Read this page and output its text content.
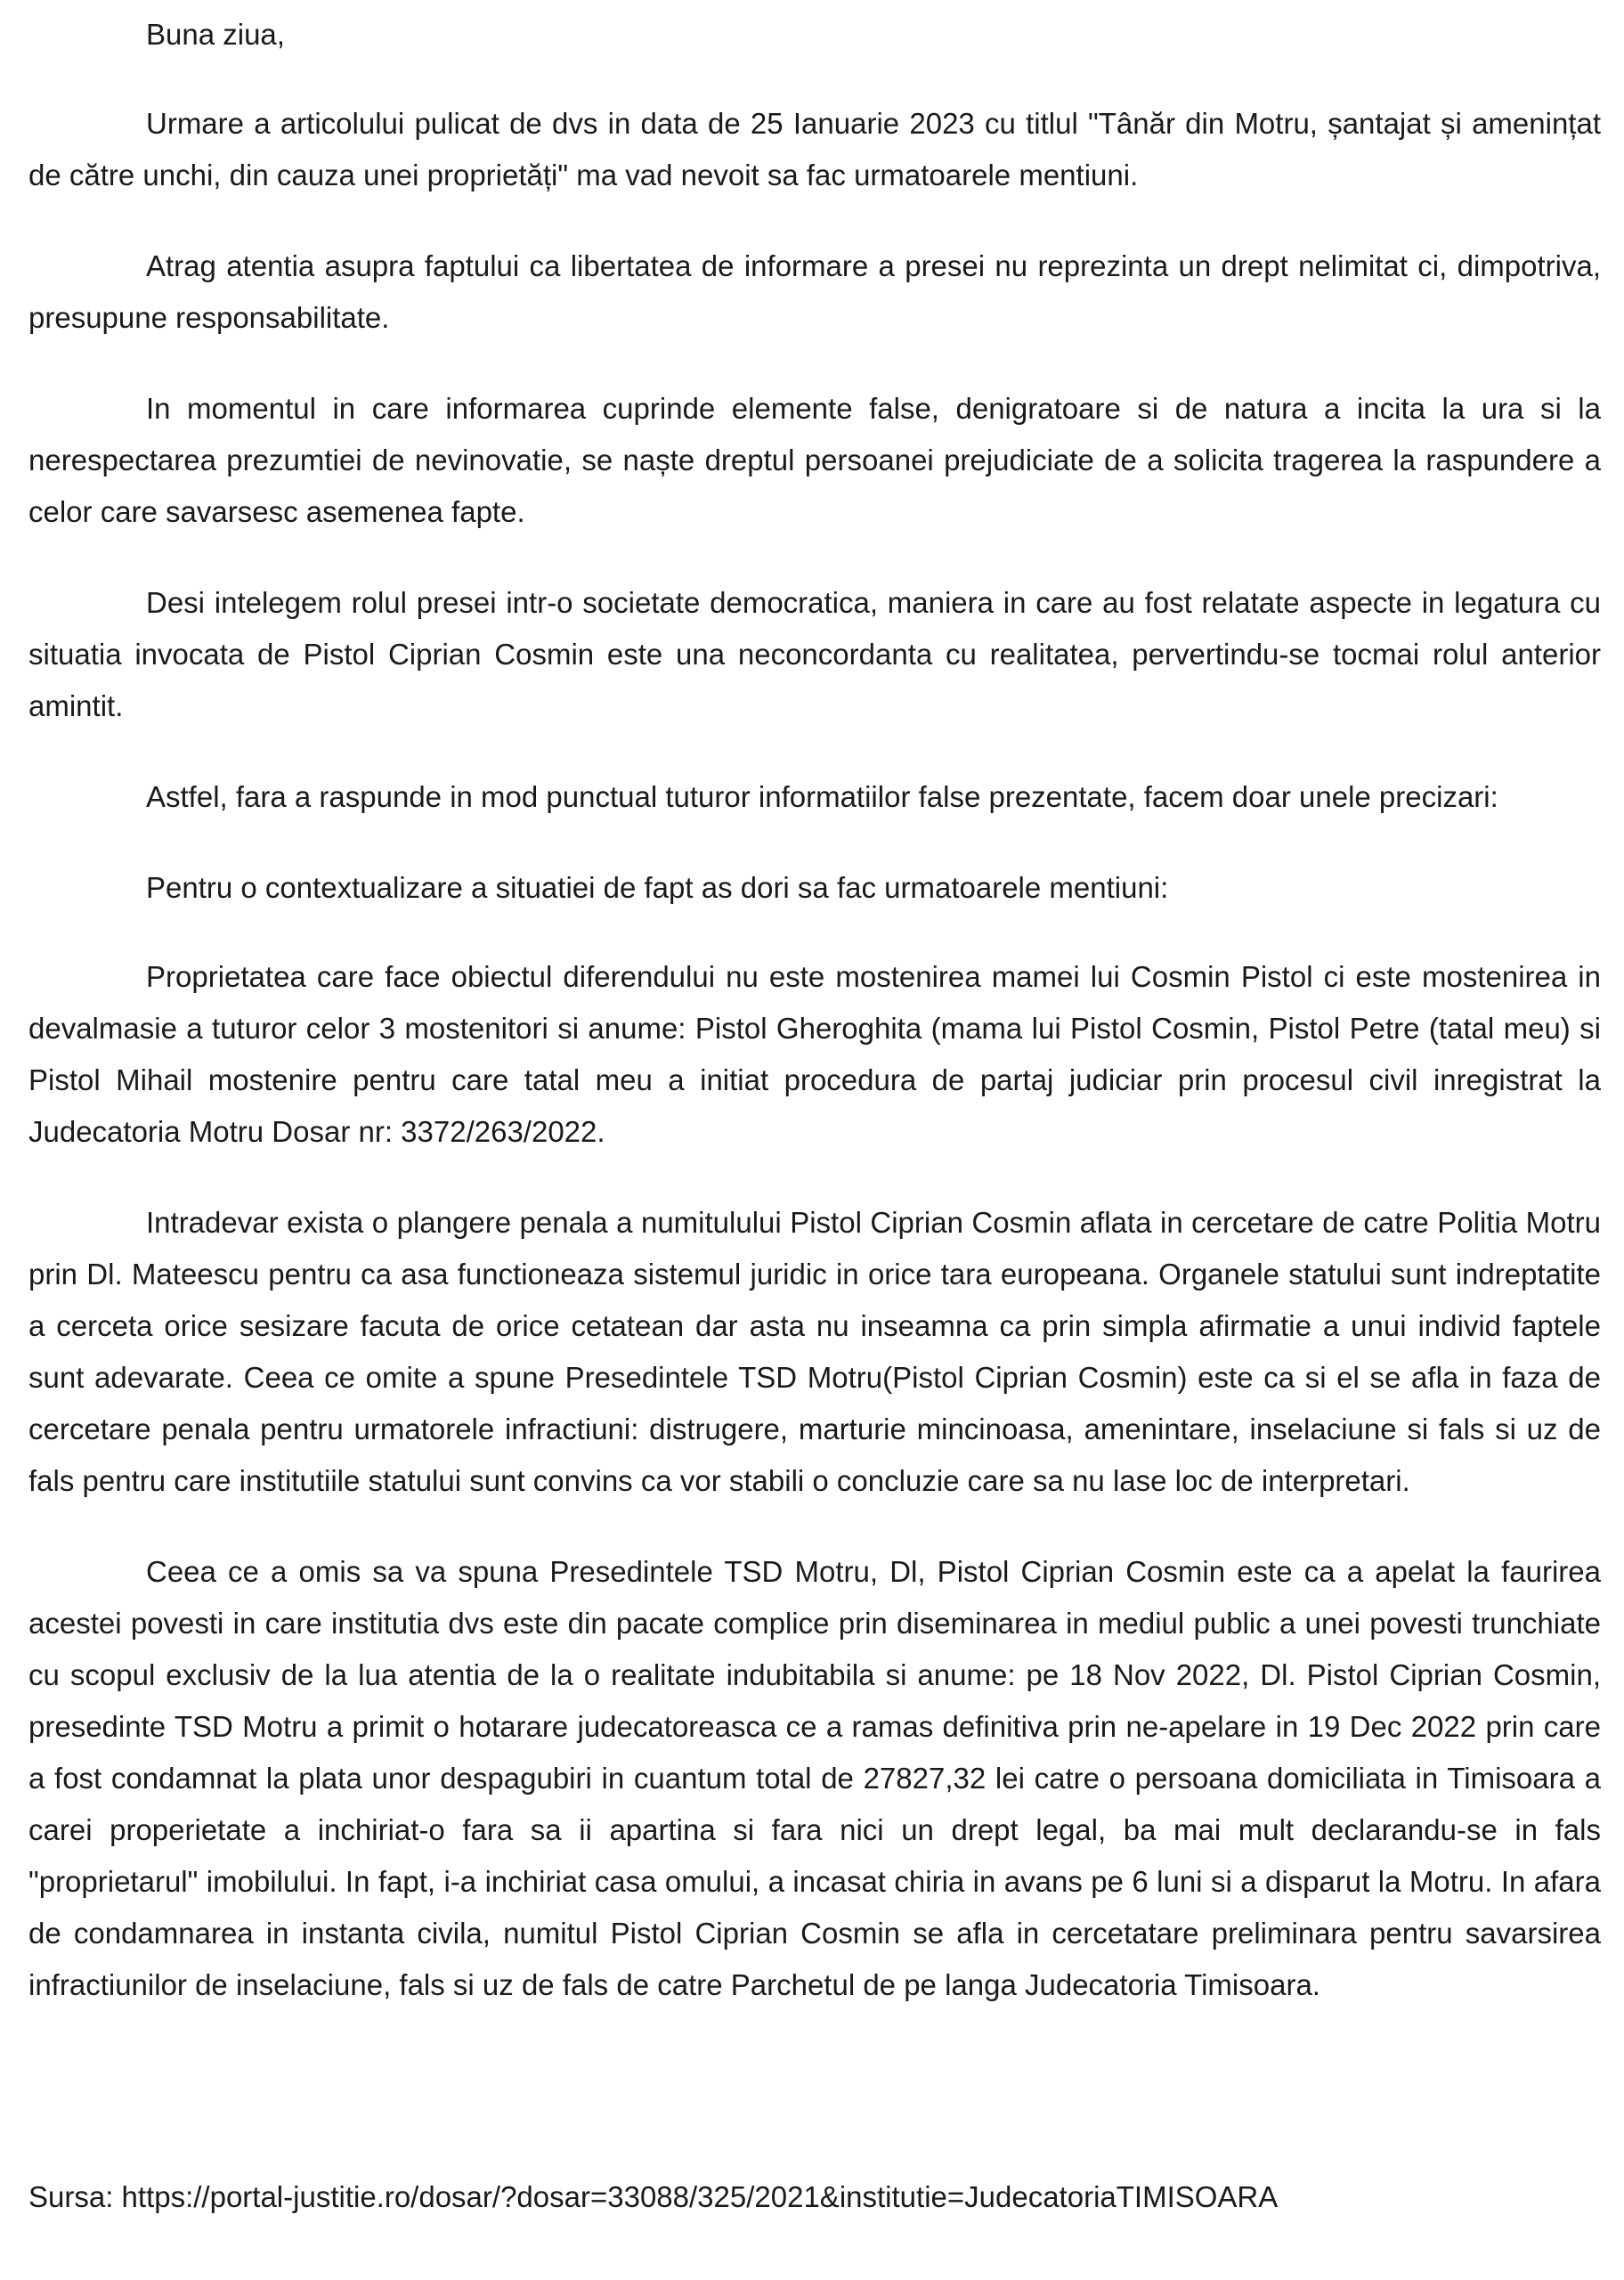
Buna ziua,

Urmare a articolului pulicat de dvs in data de 25 Ianuarie 2023 cu titlul "Tânăr din Motru, șantajat și amenințat de către unchi, din cauza unei proprietăți" ma vad nevoit sa fac urmatoarele mentiuni.

Atrag atentia asupra faptului ca libertatea de informare a presei nu reprezinta un drept nelimitat ci, dimpotriva, presupune responsabilitate.

In momentul in care informarea cuprinde elemente false, denigratoare si de natura a incita la ura si la nerespectarea prezumtiei de nevinovatie, se naște dreptul persoanei prejudiciate de a solicita tragerea la raspundere a celor care savarsesc asemenea fapte.

Desi intelegem rolul presei intr-o societate democratica, maniera in care au fost relatate aspecte in legatura cu situatia invocata de Pistol Ciprian Cosmin este una neconcordanta cu realitatea, pervertindu-se tocmai rolul anterior amintit.

Astfel, fara a raspunde in mod punctual tuturor informatiilor false prezentate, facem doar unele precizari:

Pentru o contextualizare a situatiei de fapt as dori sa fac urmatoarele mentiuni:

Proprietatea care face obiectul diferendului nu este mostenirea mamei lui Cosmin Pistol ci este mostenirea in devalmasie a tuturor celor 3 mostenitori si anume: Pistol Gheroghita (mama lui Pistol Cosmin, Pistol Petre (tatal meu) si Pistol Mihail mostenire pentru care tatal meu a initiat procedura de partaj judiciar prin procesul civil inregistrat la Judecatoria Motru Dosar nr: 3372/263/2022.

Intradevar exista o plangere penala a numitulului Pistol Ciprian Cosmin aflata in cercetare de catre Politia Motru prin Dl. Mateescu pentru ca asa functioneaza sistemul juridic in orice tara europeana. Organele statului sunt indreptatite a cerceta orice sesizare facuta de orice cetatean dar asta nu inseamna ca prin simpla afirmatie a unui individ faptele sunt adevarate. Ceea ce omite a spune Presedintele TSD Motru(Pistol Ciprian Cosmin) este ca si el se afla in faza de cercetare penala pentru urmatorele infractiuni: distrugere, marturie mincinoasa, amenintare, inselaciune si fals si uz de fals pentru care institutiile statului sunt convins ca vor stabili o concluzie care sa nu lase loc de interpretari.

Ceea ce a omis sa va spuna Presedintele TSD Motru, Dl, Pistol Ciprian Cosmin este ca a apelat la faurirea acestei povesti in care institutia dvs este din pacate complice prin diseminarea in mediul public a unei povesti trunchiate cu scopul exclusiv de la lua atentia de la o realitate indubitabila si anume: pe 18 Nov 2022, Dl. Pistol Ciprian Cosmin, presedinte TSD Motru a primit o hotarare judecatoreasca ce a ramas definitiva prin ne-apelare in 19 Dec 2022 prin care a fost condamnat la plata unor despagubiri in cuantum total de 27827,32 lei catre o persoana domiciliata in Timisoara a carei properietate a inchiriat-o fara sa ii apartina si fara nici un drept legal, ba mai mult declarandu-se in fals "proprietarul" imobilului. In fapt, i-a inchiriat casa omului, a incasat chiria in avans pe 6 luni si a disparut la Motru. In afara de condamnarea in instanta civila, numitul Pistol Ciprian Cosmin se afla in cercetatare preliminara pentru savarsirea infractiunilor de inselaciune, fals si uz de fals de catre Parchetul de pe langa Judecatoria Timisoara.

Sursa: https://portal-justitie.ro/dosar/?dosar=33088/325/2021&institutie=JudecatoriaTIMISOARA
